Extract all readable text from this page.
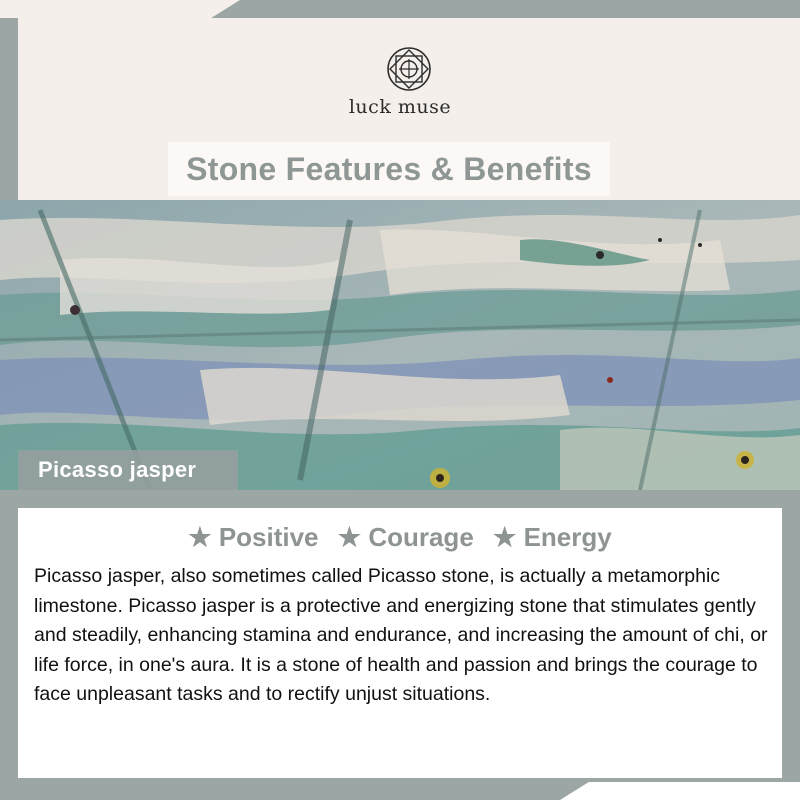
luck muse
Stone Features & Benefits
Picasso jasper
★ Positive ★ Courage ★ Energy
Picasso jasper, also sometimes called Picasso stone, is actually a metamorphic limestone. Picasso jasper is a protective and energizing stone that stimulates gently and steadily, enhancing stamina and endurance, and increasing the amount of chi, or life force, in one's aura. It is a stone of health and passion and brings the courage to face unpleasant tasks and to rectify unjust situations.
